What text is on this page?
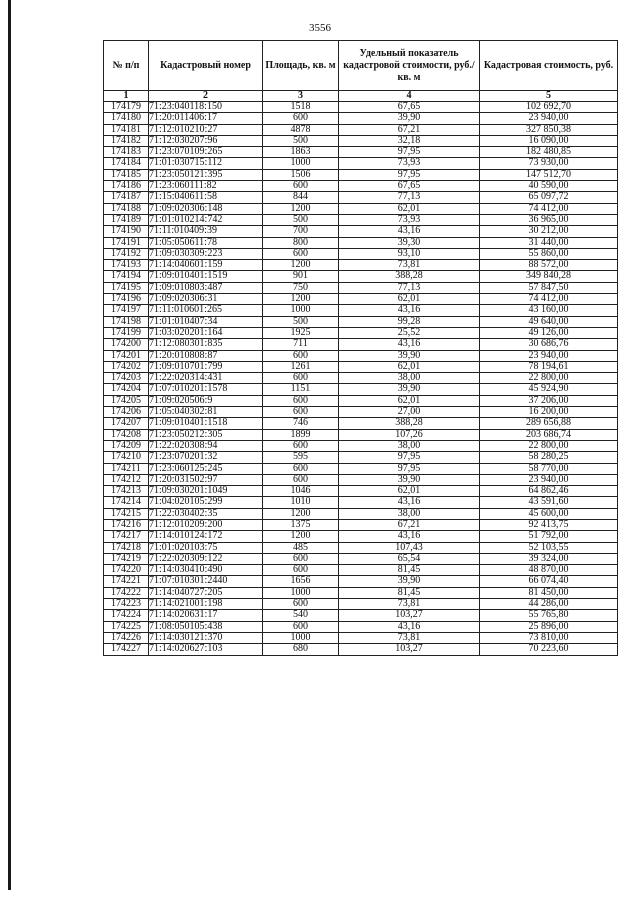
3556
№ п/п	Кадастровый номер	Площадь, кв. м	Удельный показатель кадастровой стоимости, руб./кв. м	Кадастровая стоимость, руб.
1	2	3	4	5
174179	71:23:040118:150	1518	67,65	102 692,70
174180	71:20:011406:17	600	39,90	23 940,00
174181	71:12:010210:27	4878	67,21	327 850,38
174182	71:12:030207:96	500	32,18	16 090,00
174183	71:23:070109:265	1863	97,95	182 480,85
174184	71:01:030715:112	1000	73,93	73 930,00
174185	71:23:050121:395	1506	97,95	147 512,70
174186	71:23:060111:82	600	67,65	40 590,00
174187	71:15:040611:58	844	77,13	65 097,72
174188	71:09:020306:148	1200	62,01	74 412,00
174189	71:01:010214:742	500	73,93	36 965,00
174190	71:11:010409:39	700	43,16	30 212,00
174191	71:05:050611:78	800	39,30	31 440,00
174192	71:09:030309:223	600	93,10	55 860,00
174193	71:14:040601:159	1200	73,81	88 572,00
174194	71:09:010401:1519	901	388,28	349 840,28
174195	71:09:010803:487	750	77,13	57 847,50
174196	71:09:020306:31	1200	62,01	74 412,00
174197	71:11:010601:265	1000	43,16	43 160,00
174198	71:01:010407:34	500	99,28	49 640,00
174199	71:03:020201:164	1925	25,52	49 126,00
174200	71:12:080301:835	711	43,16	30 686,76
174201	71:20:010808:87	600	39,90	23 940,00
174202	71:09:010701:799	1261	62,01	78 194,61
174203	71:22:020314:431	600	38,00	22 800,00
174204	71:07:010201:1578	1151	39,90	45 924,90
174205	71:09:020506:9	600	62,01	37 206,00
174206	71:05:040302:81	600	27,00	16 200,00
174207	71:09:010401:1518	746	388,28	289 656,88
174208	71:23:050212:305	1899	107,26	203 686,74
174209	71:22:020308:94	600	38,00	22 800,00
174210	71:23:070201:32	595	97,95	58 280,25
174211	71:23:060125:245	600	97,95	58 770,00
174212	71:20:031502:97	600	39,90	23 940,00
174213	71:09:030201:1049	1046	62,01	64 862,46
174214	71:04:020105:299	1010	43,16	43 591,60
174215	71:22:030402:35	1200	38,00	45 600,00
174216	71:12:010209:200	1375	67,21	92 413,75
174217	71:14:010124:172	1200	43,16	51 792,00
174218	71:01:020103:75	485	107,43	52 103,55
174219	71:22:020309:122	600	65,54	39 324,00
174220	71:14:030410:490	600	81,45	48 870,00
174221	71:07:010301:2440	1656	39,90	66 074,40
174222	71:14:040727:205	1000	81,45	81 450,00
174223	71:14:021001:198	600	73,81	44 286,00
174224	71:14:020631:17	540	103,27	55 765,80
174225	71:08:050105:438	600	43,16	25 896,00
174226	71:14:030121:370	1000	73,81	73 810,00
174227	71:14:020627:103	680	103,27	70 223,60
